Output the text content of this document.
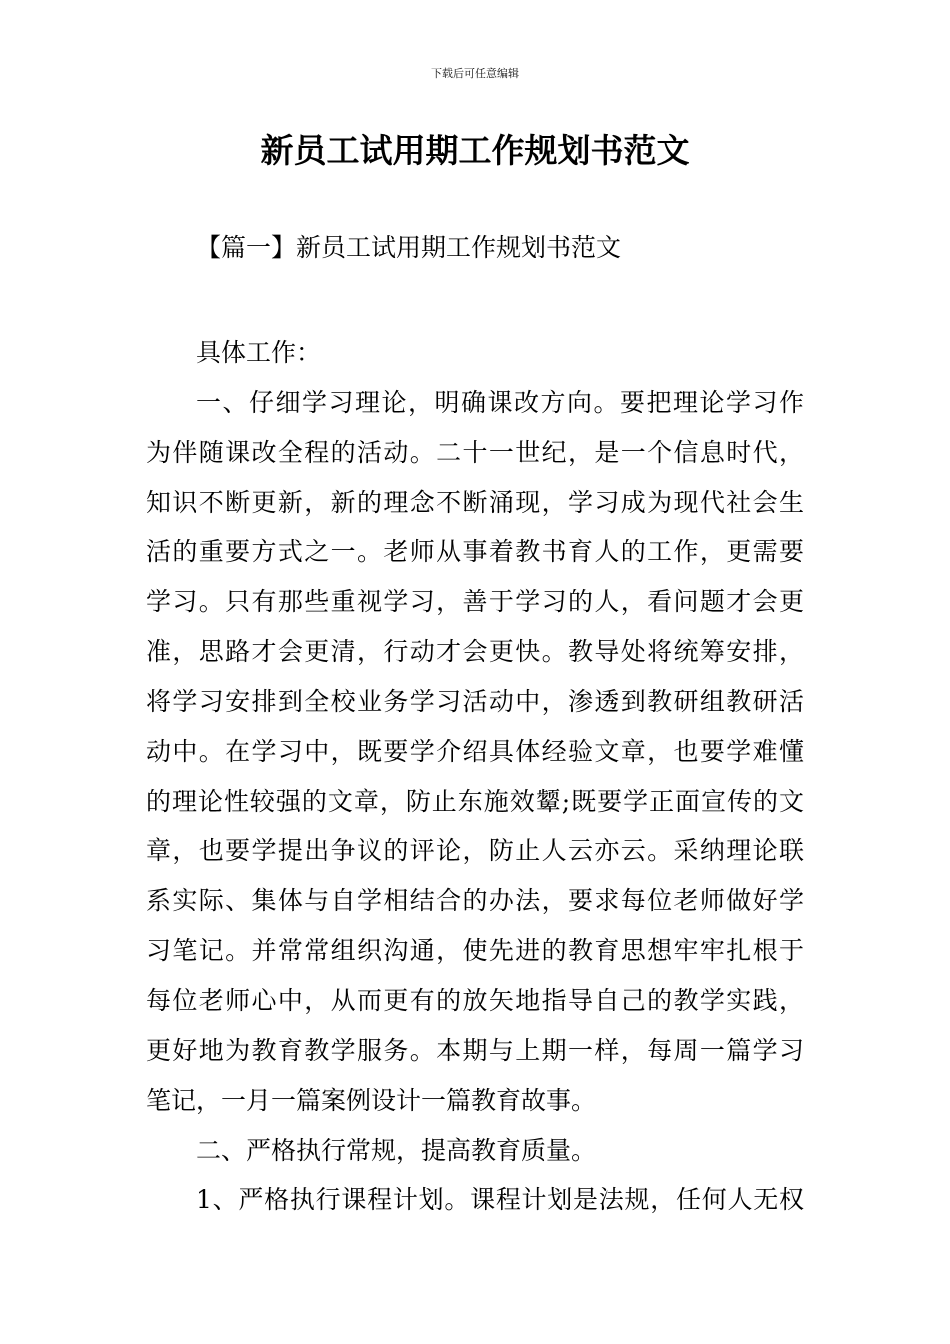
下载后可任意编辑
新员工试用期工作规划书范文
【篇一】新员工试用期工作规划书范文
具体工作：
一、仔细学习理论，明确课改方向。要把理论学习作
为伴随课改全程的活动。二十一世纪，是一个信息时代，
知识不断更新，新的理念不断涌现，学习成为现代社会生
活的重要方式之一。老师从事着教书育人的工作，更需要
学习。只有那些重视学习，善于学习的人，看问题才会更
准，思路才会更清，行动才会更快。教导处将统筹安排，
将学习安排到全校业务学习活动中，渗透到教研组教研活
动中。在学习中，既要学介绍具体经验文章，也要学难懂
的理论性较强的文章，防止东施效颦;既要学正面宣传的文
章，也要学提出争议的评论，防止人云亦云。采纳理论联
系实际、集体与自学相结合的办法，要求每位老师做好学
习笔记。并常常组织沟通，使先进的教育思想牢牢扎根于
每位老师心中，从而更有的放矢地指导自己的教学实践，
更好地为教育教学服务。本期与上期一样，每周一篇学习
笔记，一月一篇案例设计一篇教育故事。
二、严格执行常规，提高教育质量。
1、严格执行课程计划。课程计划是法规，任何人无权
